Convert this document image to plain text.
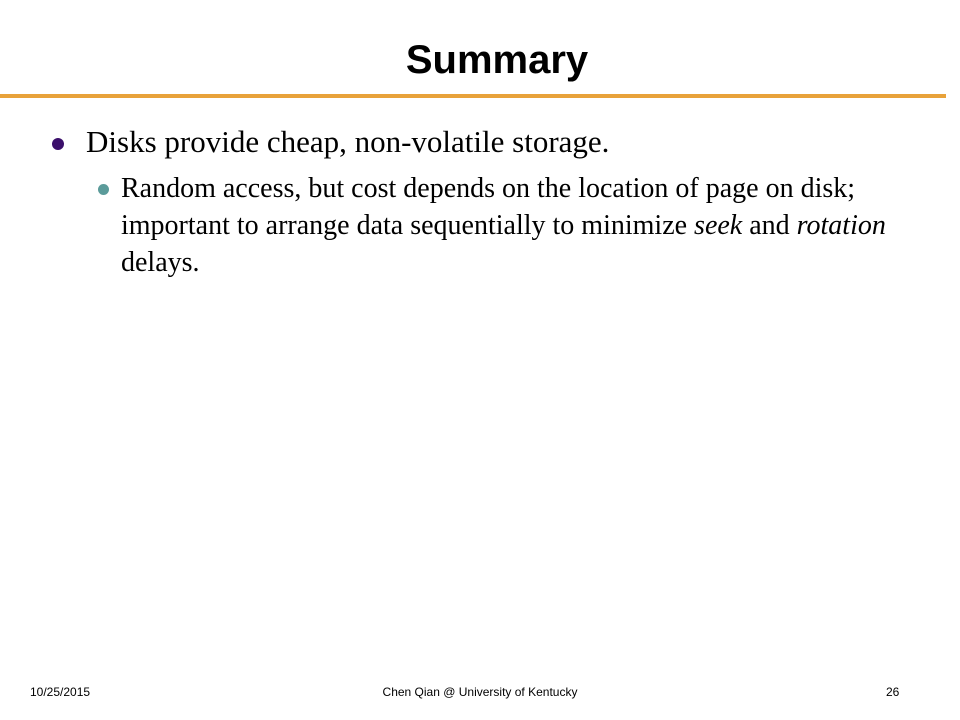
Summary
Disks provide cheap, non-volatile storage.
Random access, but cost depends on the location of page on disk; important to arrange data sequentially to minimize seek and rotation delays.
10/25/2015	Chen Qian @ University of Kentucky	26
